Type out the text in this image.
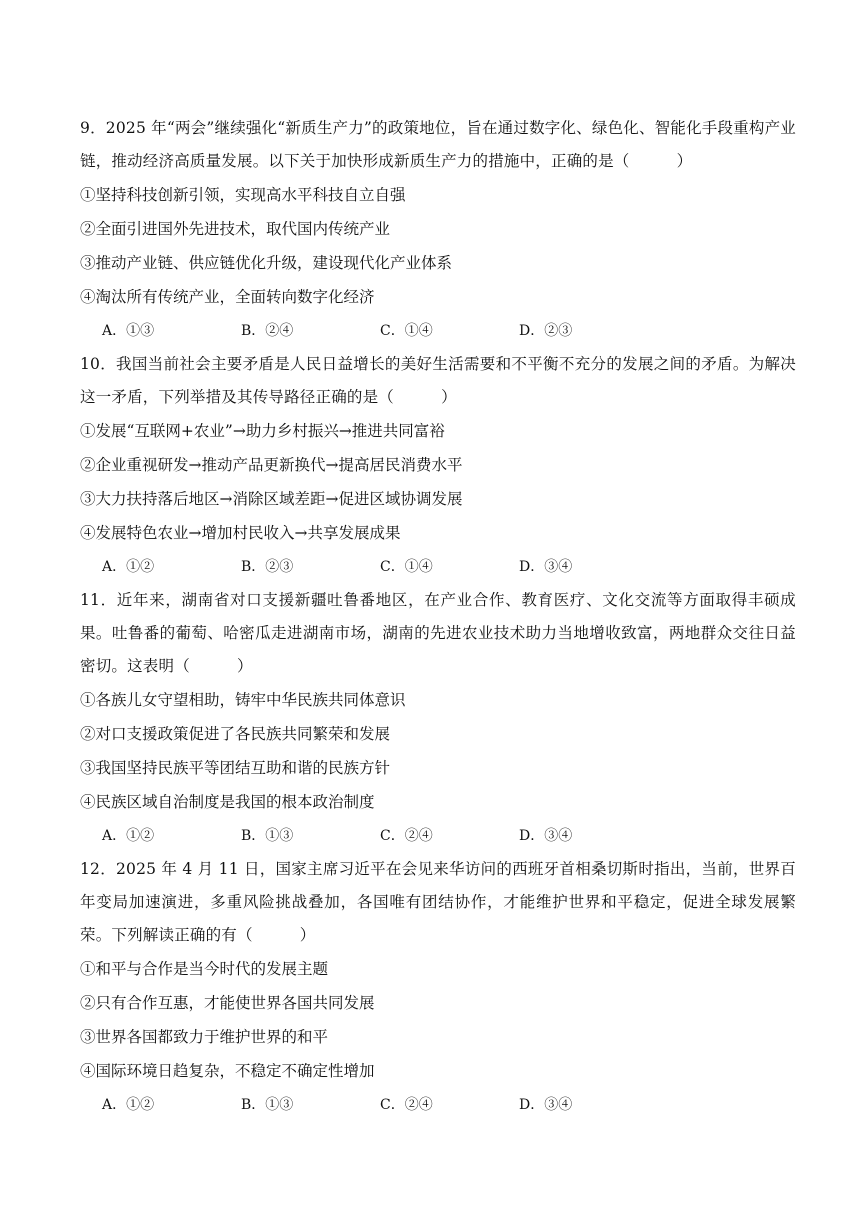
9．2025 年“两会”继续强化“新质生产力”的政策地位，旨在通过数字化、绿色化、智能化手段重构产业链，推动经济高质量发展。以下关于加快形成新质生产力的措施中，正确的是（　　　）

①坚持科技创新引领，实现高水平科技自立自强

②全面引进国外先进技术，取代国内传统产业

③推动产业链、供应链优化升级，建设现代化产业体系

④淘汰所有传统产业，全面转向数字化经济

A．①③	B．②④	C．①④	D．②③

10．我国当前社会主要矛盾是人民日益增长的美好生活需要和不平衡不充分的发展之间的矛盾。为解决这一矛盾，下列举措及其传导路径正确的是（　　　）

①发展“互联网+农业”→助力乡村振兴→推进共同富裕

②企业重视研发→推动产品更新换代→提高居民消费水平

③大力扶持落后地区→消除区域差距→促进区域协调发展

④发展特色农业→增加村民收入→共享发展成果

A．①②	B．②③	C．①④	D．③④

11．近年来，湖南省对口支援新疆吐鲁番地区，在产业合作、教育医疗、文化交流等方面取得丰硕成果。吐鲁番的葡萄、哈密瓜走进湖南市场，湖南的先进农业技术助力当地增收致富，两地群众交往日益密切。这表明（　　　）

①各族儿女守望相助，铸牢中华民族共同体意识

②对口支援政策促进了各民族共同繁荣和发展

③我国坚持民族平等团结互助和谐的民族方针

④民族区域自治制度是我国的根本政治制度

A．①②	B．①③	C．②④	D．③④

12．2025 年 4 月 11 日，国家主席习近平在会见来华访问的西班牙首相桑切斯时指出，当前，世界百年变局加速演进，多重风险挑战叠加，各国唯有团结协作，才能维护世界和平稳定，促进全球发展繁荣。下列解读正确的有（　　　）

①和平与合作是当今时代的发展主题

②只有合作互惠，才能使世界各国共同发展

③世界各国都致力于维护世界的和平

④国际环境日趋复杂，不稳定不确定性增加

A．①②	B．①③	C．②④	D．③④
